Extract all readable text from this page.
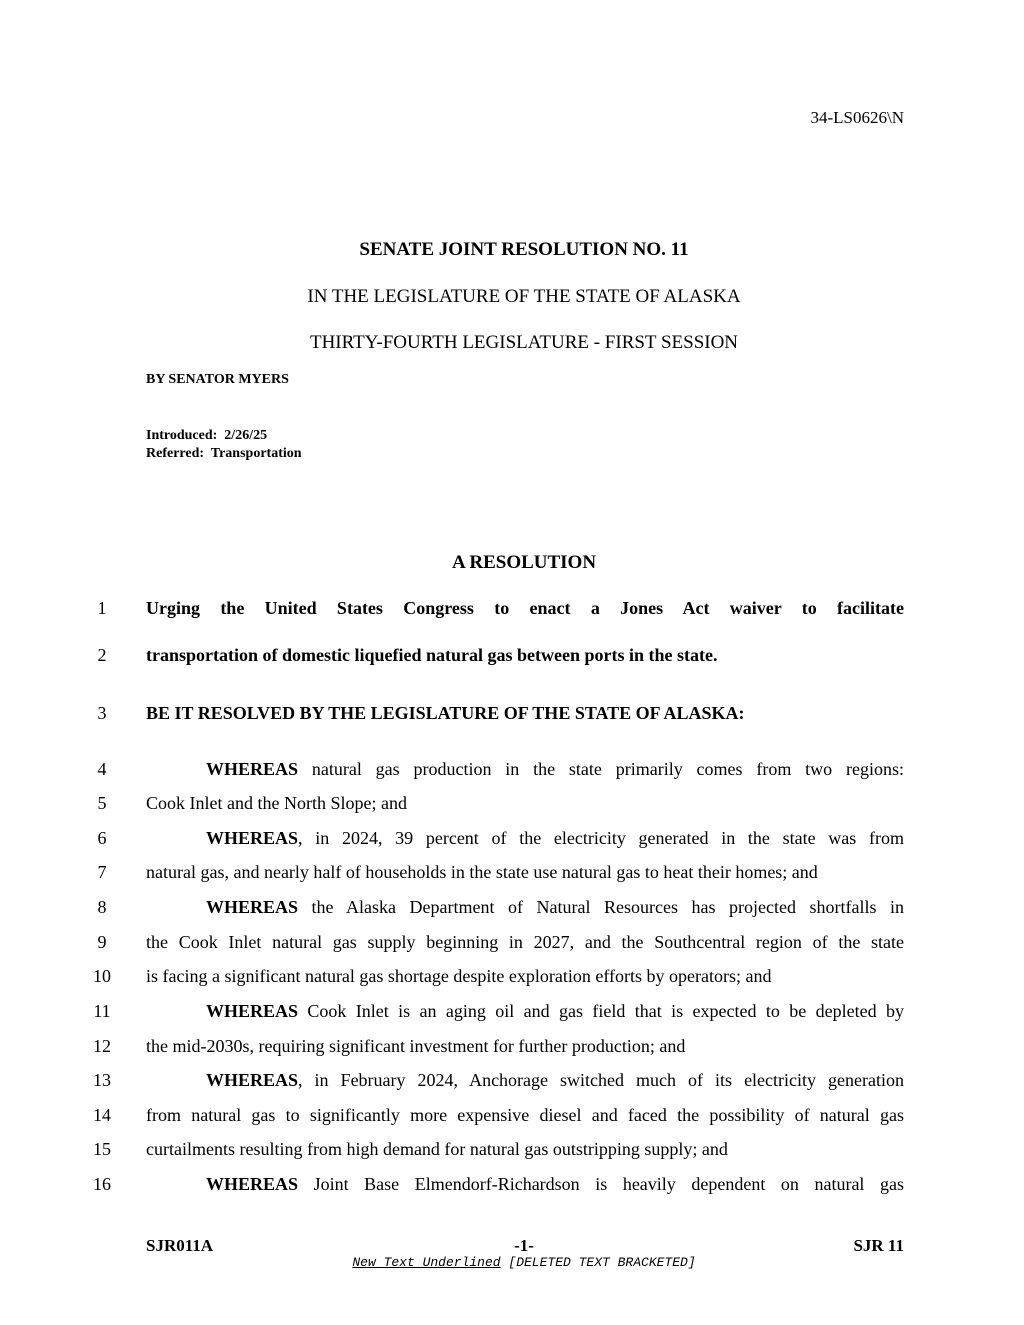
34-LS0626\N
SENATE JOINT RESOLUTION NO. 11
IN THE LEGISLATURE OF THE STATE OF ALASKA
THIRTY-FOURTH LEGISLATURE - FIRST SESSION
BY SENATOR MYERS
Introduced:  2/26/25
Referred:  Transportation
A RESOLUTION
1	Urging the United States Congress to enact a Jones Act waiver to facilitate
2	transportation of domestic liquefied natural gas between ports in the state.
3	BE IT RESOLVED BY THE LEGISLATURE OF THE STATE OF ALASKA:
4	WHEREAS natural gas production in the state primarily comes from two regions:
5	Cook Inlet and the North Slope; and
6	WHEREAS, in 2024, 39 percent of the electricity generated in the state was from
7	natural gas, and nearly half of households in the state use natural gas to heat their homes; and
8	WHEREAS the Alaska Department of Natural Resources has projected shortfalls in
9	the Cook Inlet natural gas supply beginning in 2027, and the Southcentral region of the state
10 is facing a significant natural gas shortage despite exploration efforts by operators; and
11	WHEREAS Cook Inlet is an aging oil and gas field that is expected to be depleted by
12 the mid-2030s, requiring significant investment for further production; and
13	WHEREAS, in February 2024, Anchorage switched much of its electricity generation
14 from natural gas to significantly more expensive diesel and faced the possibility of natural gas
15 curtailments resulting from high demand for natural gas outstripping supply; and
16	WHEREAS Joint Base Elmendorf-Richardson is heavily dependent on natural gas
SJR011A	-1-	SJR 11
New Text Underlined [DELETED TEXT BRACKETED]
